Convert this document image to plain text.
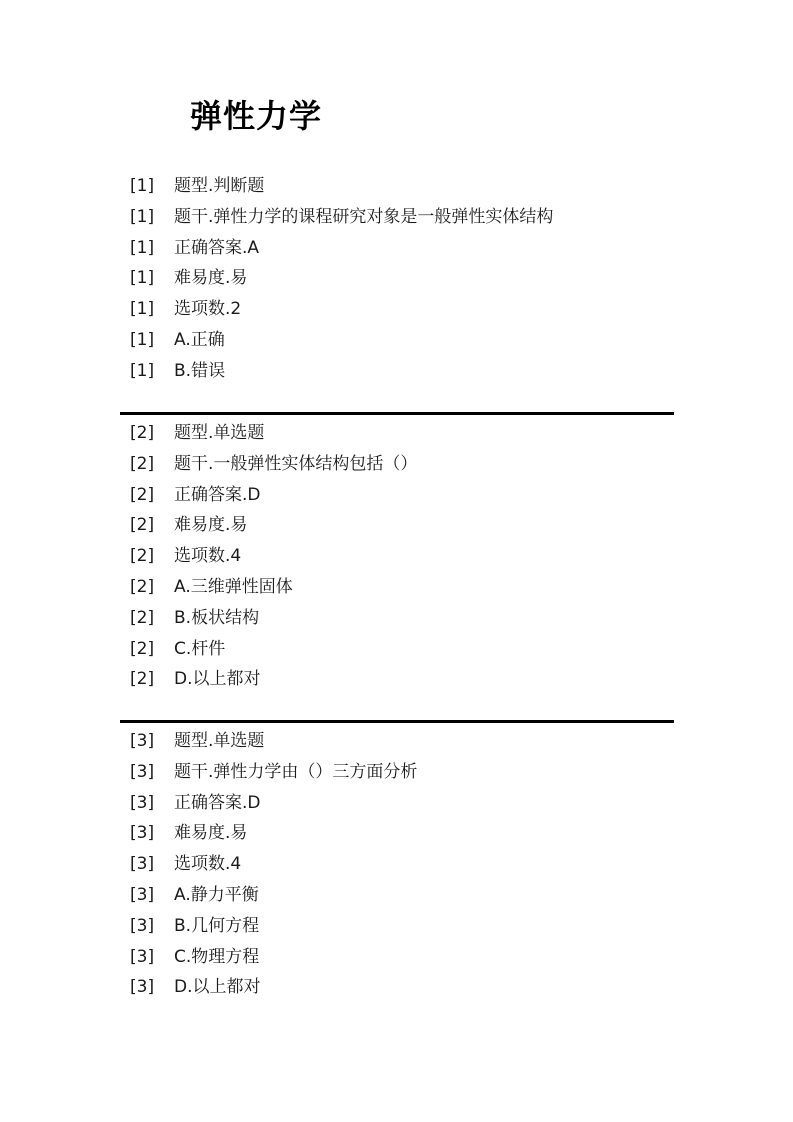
弹性力学
[1] 题型.判断题
[1] 题干.弹性力学的课程研究对象是一般弹性实体结构
[1] 正确答案.A
[1] 难易度.易
[1] 选项数.2
[1] A.正确
[1] B.错误
[2] 题型.单选题
[2] 题干.一般弹性实体结构包括（）
[2] 正确答案.D
[2] 难易度.易
[2] 选项数.4
[2] A.三维弹性固体
[2] B.板状结构
[2] C.杆件
[2] D.以上都对
[3] 题型.单选题
[3] 题干.弹性力学由（）三方面分析
[3] 正确答案.D
[3] 难易度.易
[3] 选项数.4
[3] A.静力平衡
[3] B.几何方程
[3] C.物理方程
[3] D.以上都对
